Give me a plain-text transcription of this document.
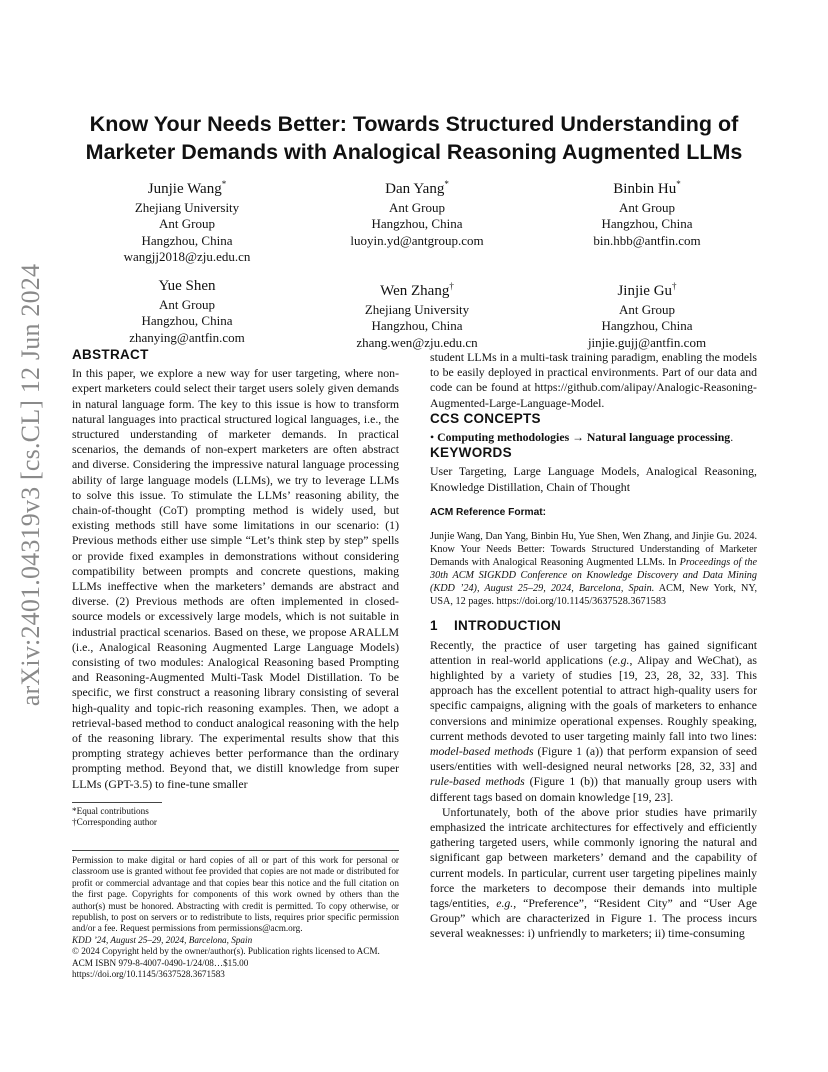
arXiv:2401.04319v3 [cs.CL] 12 Jun 2024
Know Your Needs Better: Towards Structured Understanding of Marketer Demands with Analogical Reasoning Augmented LLMs
Junjie Wang*
Zhejiang University
Ant Group
Hangzhou, China
wangjj2018@zju.edu.cn
Dan Yang*
Ant Group
Hangzhou, China
luoyin.yd@antgroup.com
Binbin Hu*
Ant Group
Hangzhou, China
bin.hbb@antfin.com
Yue Shen
Ant Group
Hangzhou, China
zhanying@antfin.com
Wen Zhang†
Zhejiang University
Hangzhou, China
zhang.wen@zju.edu.cn
Jinjie Gu†
Ant Group
Hangzhou, China
jinjie.gujj@antfin.com
ABSTRACT

In this paper, we explore a new way for user targeting, where non-expert marketers could select their target users solely given demands in natural language form. The key to this issue is how to transform natural languages into practical structured logical languages, i.e., the structured understanding of marketer demands. In practical scenarios, the demands of non-expert marketers are often abstract and diverse. Considering the impressive natural language processing ability of large language models (LLMs), we try to leverage LLMs to solve this issue. To stimulate the LLMs’ reasoning ability, the chain-of-thought (CoT) prompting method is widely used, but existing methods still have some limitations in our scenario: (1) Previous methods either use simple “Let’s think step by step” spells or provide fixed examples in demonstrations without considering compatibility between prompts and concrete questions, making LLMs ineffective when the marketers’ demands are abstract and diverse. (2) Previous methods are often implemented in closed-source models or excessively large models, which is not suitable in industrial practical scenarios. Based on these, we propose ARALLM (i.e., Analogical Reasoning Augmented Large Language Models) consisting of two modules: Analogical Reasoning based Prompting and Reasoning-Augmented Multi-Task Model Distillation. To be specific, we first construct a reasoning library consisting of several high-quality and topic-rich reasoning examples. Then, we adopt a retrieval-based method to conduct analogical reasoning with the help of the reasoning library. The experimental results show that this prompting strategy achieves better performance than the ordinary prompting method. Beyond that, we distill knowledge from super LLMs (GPT-3.5) to fine-tune smaller

*Equal contributions
†Corresponding author

Permission to make digital or hard copies of all or part of this work for personal or classroom use is granted without fee provided that copies are not made or distributed for profit or commercial advantage and that copies bear this notice and the full citation on the first page. Copyrights for components of this work owned by others than the author(s) must be honored. Abstracting with credit is permitted. To copy otherwise, or republish, to post on servers or to redistribute to lists, requires prior specific permission and/or a fee. Request permissions from permissions@acm.org.

KDD ’24, August 25–29, 2024, Barcelona, Spain

© 2024 Copyright held by the owner/author(s). Publication rights licensed to ACM.

ACM ISBN 979-8-4007-0490-1/24/08…$15.00

https://doi.org/10.1145/3637528.3671583

student LLMs in a multi-task training paradigm, enabling the models to be easily deployed in practical environments. Part of our data and code can be found at https://github.com/alipay/Analogic-Reasoning-Augmented-Large-Language-Model.

CCS CONCEPTS

• Computing methodologies → Natural language processing.

KEYWORDS

User Targeting, Large Language Models, Analogical Reasoning, Knowledge Distillation, Chain of Thought

ACM Reference Format:

Junjie Wang, Dan Yang, Binbin Hu, Yue Shen, Wen Zhang, and Jinjie Gu. 2024. Know Your Needs Better: Towards Structured Understanding of Marketer Demands with Analogical Reasoning Augmented LLMs. In Proceedings of the 30th ACM SIGKDD Conference on Knowledge Discovery and Data Mining (KDD ’24), August 25–29, 2024, Barcelona, Spain. ACM, New York, NY, USA, 12 pages. https://doi.org/10.1145/3637528.3671583

1 INTRODUCTION

Recently, the practice of user targeting has gained significant attention in real-world applications (e.g., Alipay and WeChat), as highlighted by a variety of studies [19, 23, 28, 32, 33]. This approach has the excellent potential to attract high-quality users for specific campaigns, aligning with the goals of marketers to enhance conversions and minimize operational expenses. Roughly speaking, current methods devoted to user targeting mainly fall into two lines: model-based methods (Figure 1 (a)) that perform expansion of seed users/entities with well-designed neural networks [28, 32, 33] and rule-based methods (Figure 1 (b)) that manually group users with different tags based on domain knowledge [19, 23].

Unfortunately, both of the above prior studies have primarily emphasized the intricate architectures for effectively and efficiently gathering targeted users, while commonly ignoring the natural and significant gap between marketers’ demand and the capability of current models. In particular, current user targeting pipelines mainly force the marketers to decompose their demands into multiple tags/entities, e.g., “Preference”, “Resident City” and “User Age Group” which are characterized in Figure 1. The process incurs several weaknesses: i) unfriendly to marketers; ii) time-consuming
